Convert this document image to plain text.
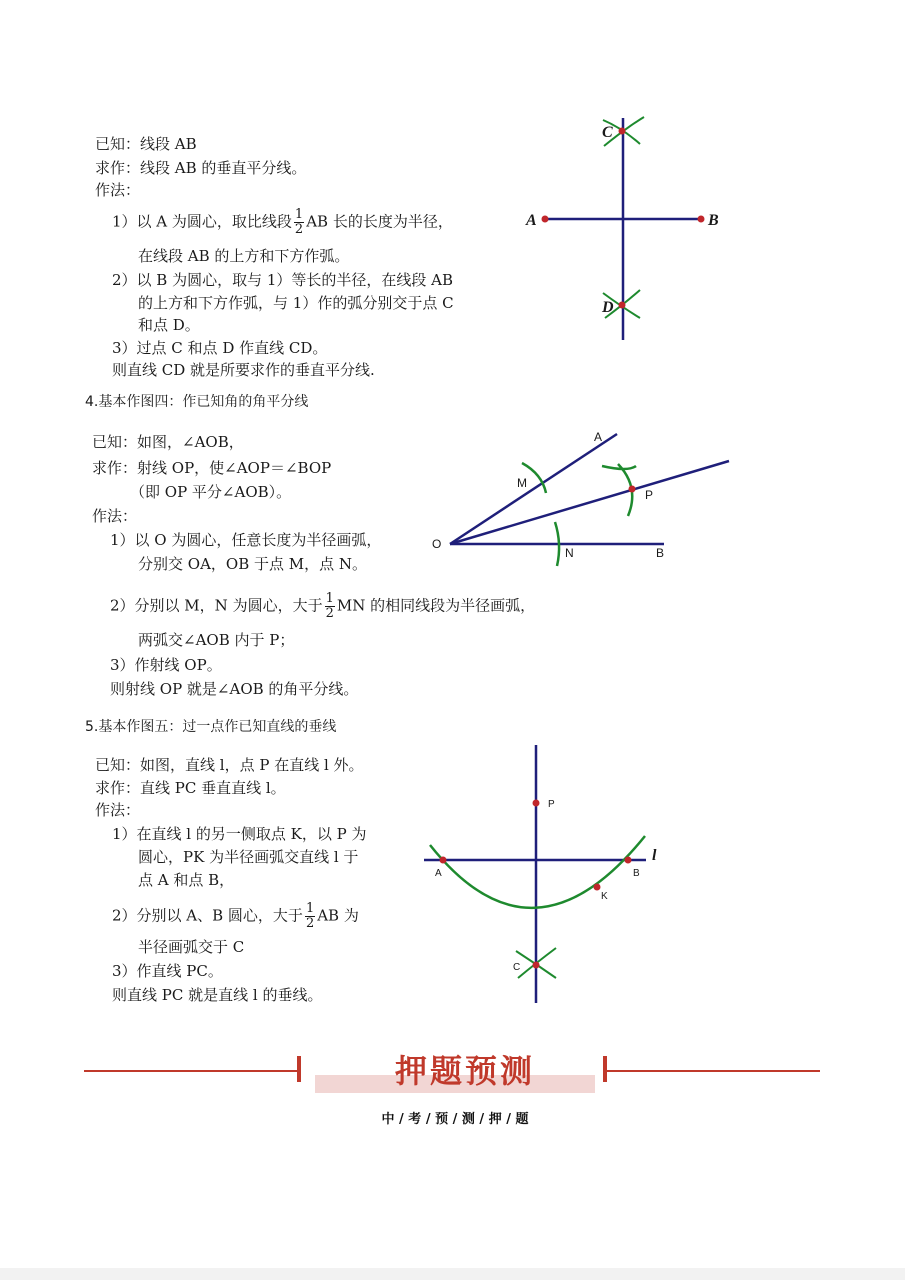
已知：线段 AB
求作：线段 AB 的垂直平分线。
作法：
1）以 A 为圆心，取比线段 $\frac{1}{2}$ AB 长的长度为半径，
在线段 AB 的上方和下方作弧。
2）以 B 为圆心，取与 1）等长的半径，在线段 AB
的上方和下方作弧，与 1）作的弧分别交于点 C
和点 D。
3）过点 C 和点 D 作直线 CD。
则直线 CD 就是所要求作的垂直平分线.
4.基本作图四：作已知角的角平分线
已知：如图，∠AOB，
求作：射线 OP，使∠AOP＝∠BOP
（即 OP 平分∠AOB）。
作法：
1）以 O 为圆心，任意长度为半径画弧，
分别交 OA，OB 于点 M，点 N。
2）分别以 M，N 为圆心，大于 $\frac{1}{2}$ MN 的相同线段为半径画弧，
两弧交∠AOB 内于 P；
3）作射线 OP。
则射线 OP 就是∠AOB 的角平分线。
5.基本作图五：过一点作已知直线的垂线
已知：如图，直线 l，点 P 在直线 l 外。
求作：直线 PC 垂直直线 l。
作法：
1）在直线 l 的另一侧取点 K，以 P 为
圆心，PK 为半径画弧交直线 l 于
点 A 和点 B，
2）分别以 A、B 圆心，大于 $\frac{1}{2}$ AB 为
半径画弧交于 C
3）作直线 PC。
则直线 PC 就是直线 l 的垂线。
C
D
A	B
A
M
P
O
N	B
P
l
A	B
K
C
押题预测
中 / 考 / 预 / 测 / 押 / 题
